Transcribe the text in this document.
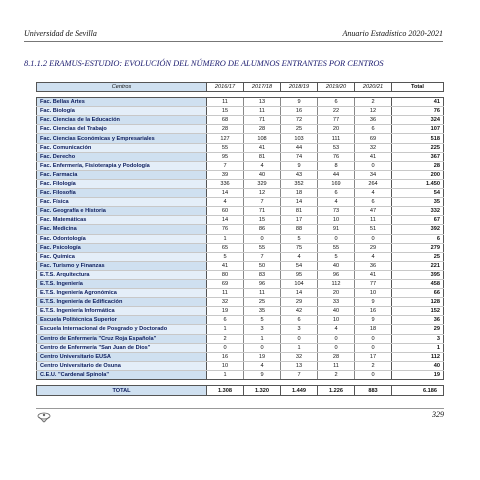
Universidad de Sevilla	Anuario Estadístico 2020-2021
8.1.1.2 ERAMUS-ESTUDIO: EVOLUCIÓN DEL NÚMERO DE ALUMNOS ENTRANTES POR CENTROS
Centros	2016/17	2017/18	2018/19	2019/20	2020/21	Total

Fac. Bellas Artes	11	13	9	6	2	41
Fac. Biología	15	11	16	22	12	76
Fac. Ciencias de la Educación	68	71	72	77	36	324
Fac. Ciencias del Trabajo	28	28	25	20	6	107
Fac. Ciencias Económicas y Empresariales	127	108	103	111	69	518
Fac. Comunicación	55	41	44	53	32	225
Fac. Derecho	95	81	74	76	41	367
Fac. Enfermería, Fisioterapia y Podología	7	4	9	8	0	28
Fac. Farmacia	39	40	43	44	34	200
Fac. Filología	336	329	352	169	264	1.450
Fac. Filosofía	14	12	18	6	4	54
Fac. Física	4	7	14	4	6	35
Fac. Geografía e Historia	60	71	81	73	47	332
Fac. Matemáticas	14	15	17	10	11	67
Fac. Medicina	76	86	88	91	51	392
Fac. Odontología	1	0	5	0	0	6
Fac. Psicología	65	55	75	55	29	279
Fac. Química	5	7	4	5	4	25
Fac. Turismo y Finanzas	41	50	54	40	36	221
E.T.S. Arquitectura	80	83	95	96	41	395
E.T.S. Ingeniería	69	96	104	112	77	458
E.T.S. Ingeniería Agronómica	11	11	14	20	10	66
E.T.S. Ingeniería de Edificación	32	25	29	33	9	128
E.T.S. Ingeniería Informática	19	35	42	40	16	152
Escuela Politécnica Superior	6	5	6	10	9	36
Escuela Internacional de Posgrado y Doctorado	1	3	3	4	18	29
Centro de Enfermería "Cruz Roja Española"	2	1	0	0	0	3
Centro de Enfermería "San Juan de Dios"	0	0	1	0	0	1
Centro Universitario EUSA	16	19	32	28	17	112
Centro Universitario de Osuna	10	4	13	11	2	40
C.E.U. "Cardenal Spínola"	1	9	7	2	0	19

TOTAL	1.308	1.320	1.449	1.226	883	6.186
329
